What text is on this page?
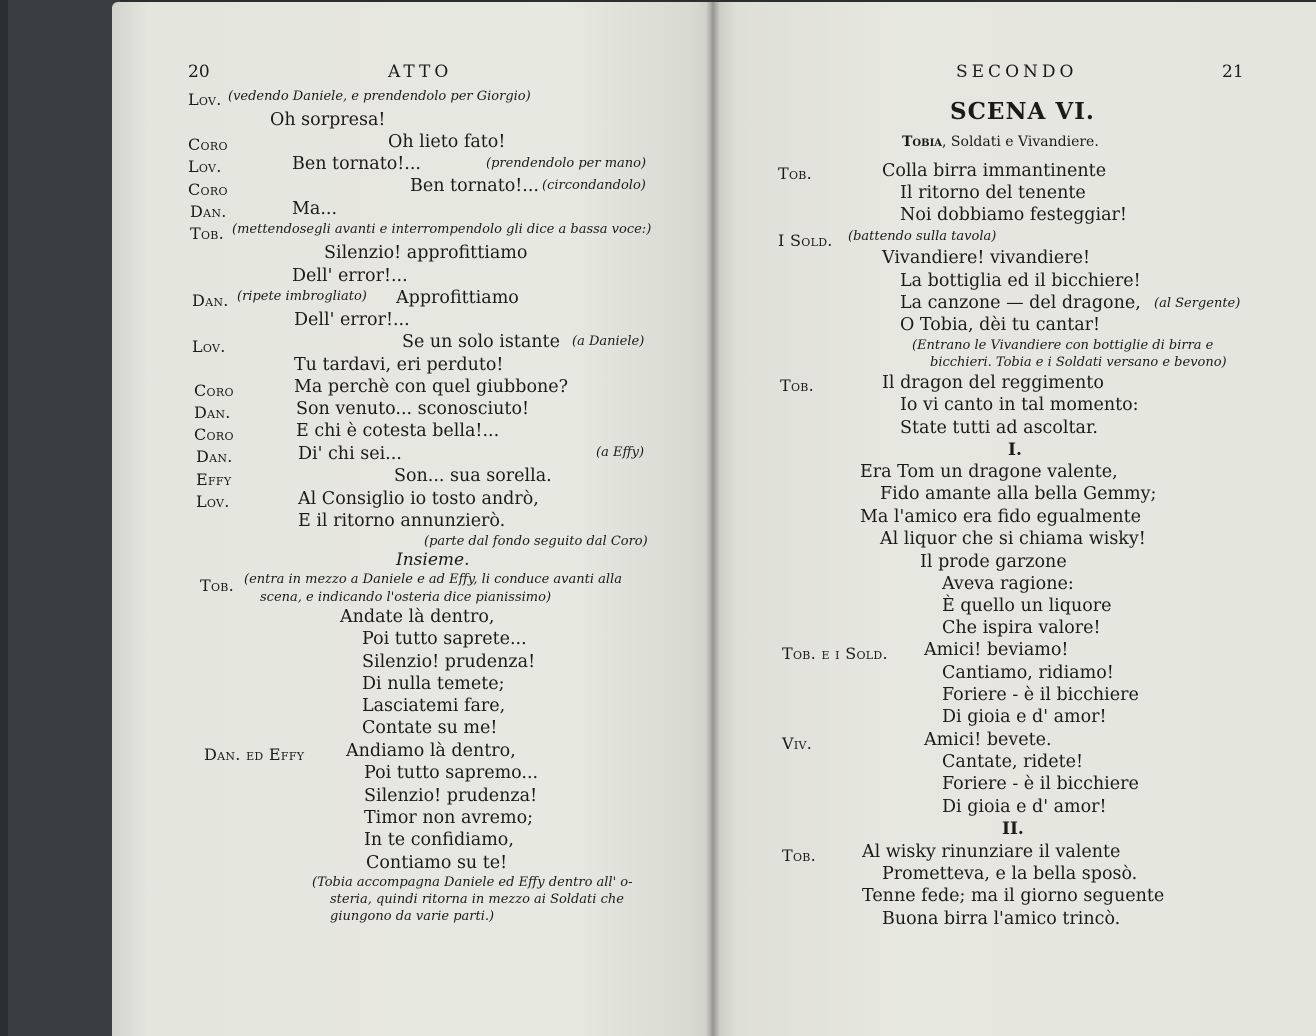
20	ATTO
Lov. (vedendo Daniele, e prendendolo per Giorgio)
Oh sorpresa!
Coro	Oh lieto fato!
Lov.	Ben tornato!...	(prendendolo per mano)
Coro	Ben tornato!... (circondandolo)
Dan.	Ma...
Tob. (mettendosegli avanti e interrompendolo gli dice a bassa voce:)
Silenzio! approfittiamo
Dell' error!...
Dan. (ripete imbrogliato) Approfittiamo
Dell' error!...
Lov.	Se un solo istante (a Daniele)
Tu tardavi, eri perduto!
Coro	Ma perchè con quel giubbone?
Dan.	Son venuto... sconosciuto!
Coro	E chi è cotesta bella!...
Dan.	Di' chi sei...	(a Effy)
Effy	Son... sua sorella.
Lov.	Al Consiglio io tosto andrò,
E il ritorno annunzierò.
(parte dal fondo seguito dal Coro)
Insieme.
Tob. (entra in mezzo a Daniele e ad Effy, li conduce avanti alla
scena, e indicando l'osteria dice pianissimo)
Andate là dentro,
Poi tutto saprete...
Silenzio! prudenza!
Di nulla temete;
Lasciatemi fare,
Contate su me!
Dan. ed Effy Andiamo là dentro,
Poi tutto sapremo...
Silenzio! prudenza!
Timor non avremo;
In te confidiamo,
Contiamo su te!
(Tobia accompagna Daniele ed Effy dentro all' o-
steria, quindi ritorna in mezzo ai Soldati che
giungono da varie parti.)
SECONDO	21
SCENA VI.
Tobia, Soldati e Vivandiere.
Tob.	Colla birra immantinente
Il ritorno del tenente
Noi dobbiamo festeggiar!
I Sold. (battendo sulla tavola)
Vivandiere! vivandiere!
La bottiglia ed il bicchiere!
La canzone — del dragone, (al Sergente)
O Tobia, dèi tu cantar!
(Entrano le Vivandiere con bottiglie di birra e
bicchieri. Tobia e i Soldati versano e bevono)
Tob.	Il dragon del reggimento
Io vi canto in tal momento:
State tutti ad ascoltar.
I.
Era Tom un dragone valente,
Fido amante alla bella Gemmy;
Ma l'amico era fido egualmente
Al liquor che si chiama wisky!
Il prode garzone
Aveva ragione:
È quello un liquore
Che ispira valore!
Tob. e i Sold. Amici! beviamo!
Cantiamo, ridiamo!
Foriere - è il bicchiere
Di gioia e d' amor!
Viv.	Amici! bevete.
Cantate, ridete!
Foriere - è il bicchiere
Di gioia e d' amor!
II.
Tob.	Al wisky rinunziare il valente
Prometteva, e la bella sposò.
Tenne fede; ma il giorno seguente
Buona birra l'amico trincò.
